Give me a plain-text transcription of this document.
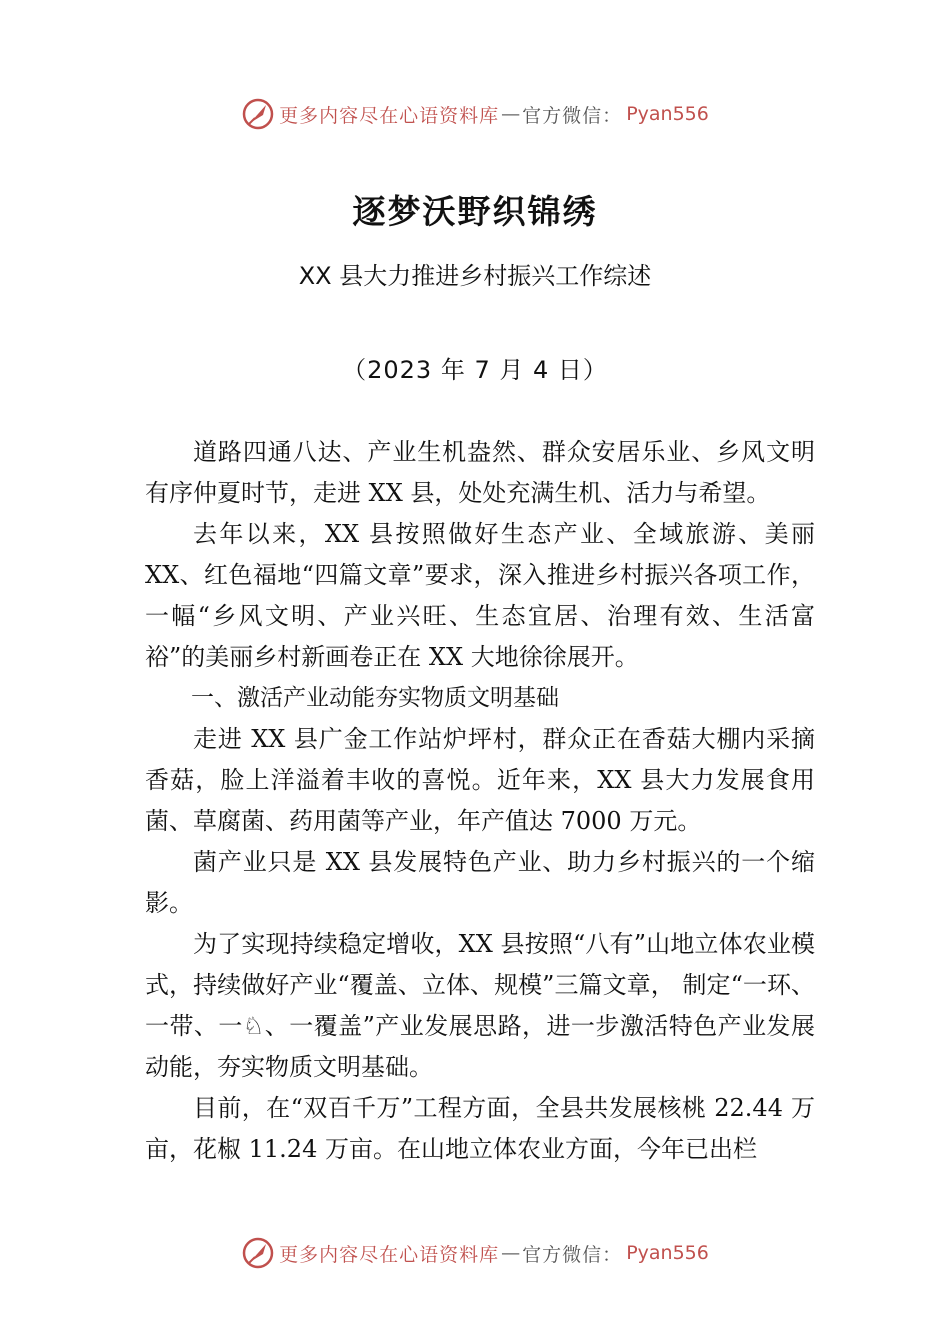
更多内容尽在心语资料库 — 官方微信： Pyan556
逐梦沃野织锦绣
XX 县大力推进乡村振兴工作综述
（2023 年 7 月 4 日）

道路四通八达、产业生机盎然、群众安居乐业、乡风文明有序仲夏时节，走进 XX 县，处处充满生机、活力与希望。

去年以来，XX 县按照做好生态产业、全域旅游、美丽 XX、红色福地“四篇文章”要求，深入推进乡村振兴各项工作，一幅“乡风文明、产业兴旺、生态宜居、治理有效、生活富裕”的美丽乡村新画卷正在 XX 大地徐徐展开。

一、激活产业动能夯实物质文明基础

走进 XX 县广金工作站炉坪村，群众正在香菇大棚内采摘香菇，脸上洋溢着丰收的喜悦。近年来，XX 县大力发展食用菌、草腐菌、药用菌等产业，年产值达 7000 万元。

菌产业只是 XX 县发展特色产业、助力乡村振兴的一个缩影。

为了实现持续稳定增收，XX 县按照“八有”山地立体农业模式，持续做好产业“覆盖、立体、规模”三篇文章， 制定“一环、一带、一♘、一覆盖”产业发展思路，进一步激活特色产业发展动能，夯实物质文明基础。

目前，在“双百千万”工程方面，全县共发展核桃 22.44 万亩，花椒 11.24 万亩。在山地立体农业方面，今年已出栏

更多内容尽在心语资料库 — 官方微信： Pyan556
